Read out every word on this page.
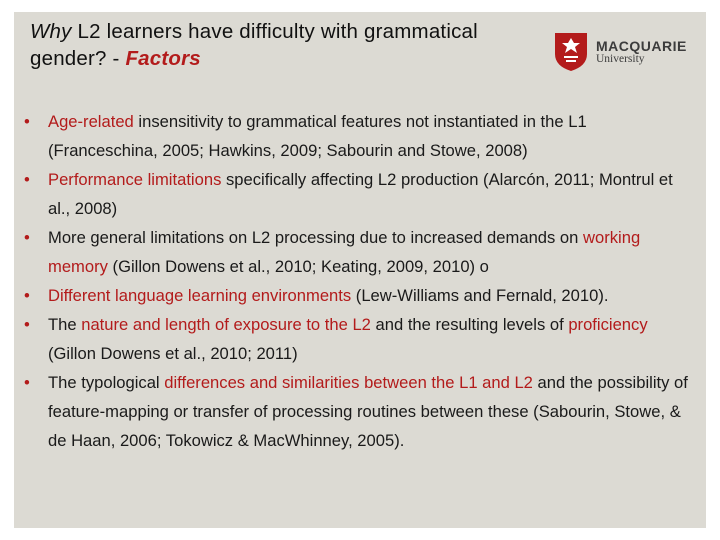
Why L2 learners have difficulty with grammatical gender? - Factors
MACQUARIE
University
• Age-related insensitivity to grammatical features not instantiated in the L1 (Franceschina, 2005; Hawkins, 2009; Sabourin and Stowe, 2008)
• Performance limitations specifically affecting L2 production (Alarcón, 2011; Montrul et al., 2008)
• More general limitations on L2 processing due to increased demands on working memory (Gillon Dowens et al., 2010; Keating, 2009, 2010) o
• Different language learning environments (Lew-Williams and Fernald, 2010).
• The nature and length of exposure to the L2 and the resulting levels of proficiency (Gillon Dowens et al., 2010; 2011)
• The typological differences and similarities between the L1 and L2 and the possibility of feature-mapping or transfer of processing routines between these (Sabourin, Stowe, & de Haan, 2006; Tokowicz & MacWhinney, 2005).
